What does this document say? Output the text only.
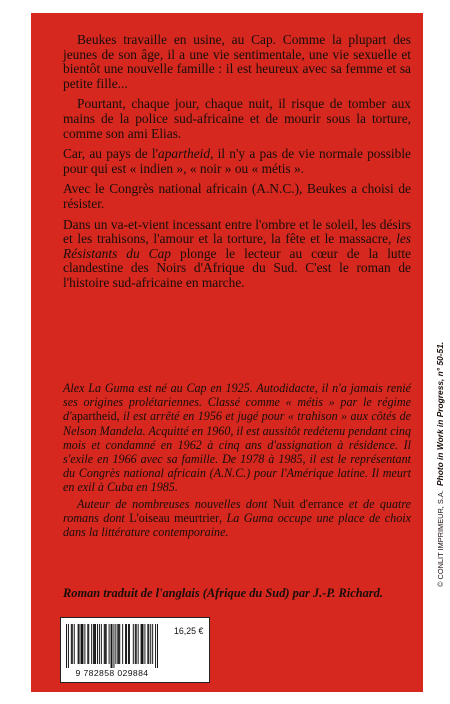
Beukes travaille en usine, au Cap. Comme la plupart des jeunes de son âge, il a une vie sentimentale, une vie sexuelle et bientôt une nouvelle famille : il est heureux avec sa femme et sa petite fille...

Pourtant, chaque jour, chaque nuit, il risque de tomber aux mains de la police sud-africaine et de mourir sous la torture, comme son ami Elias.

Car, au pays de l'apartheid, il n'y a pas de vie normale possible pour qui est « indien », « noir » ou « métis ».

Avec le Congrès national africain (A.N.C.), Beukes a choisi de résister.

Dans un va-et-vient incessant entre l'ombre et le soleil, les désirs et les trahisons, l'amour et la torture, la fête et le massacre, les Résistants du Cap plonge le lecteur au cœur de la lutte clandestine des Noirs d'Afrique du Sud. C'est le roman de l'histoire sud-africaine en marche.

Alex La Guma est né au Cap en 1925. Autodidacte, il n'a jamais renié ses origines prolétariennes. Classé comme « métis » par le régime d'apartheid, il est arrêté en 1956 et jugé pour « trahison » aux côtés de Nelson Mandela. Acquitté en 1960, il est aussitôt redétenu pendant cinq mois et condamné en 1962 à cinq ans d'assignation à résidence. Il s'exile en 1966 avec sa famille. De 1978 à 1985, il est le représentant du Congrès national africain (A.N.C.) pour l'Amérique latine. Il meurt en exil à Cuba en 1985.

Auteur de nombreuses nouvelles dont Nuit d'errance et de quatre romans dont L'oiseau meurtrier, La Guma occupe une place de choix dans la littérature contemporaine.

Roman traduit de l'anglais (Afrique du Sud) par J.-P. Richard.
© CONLIT IMPRIMEUR, S.A.  Photo in Work in Progress, n° 50-51.
9 782858 029884
16,25 €
